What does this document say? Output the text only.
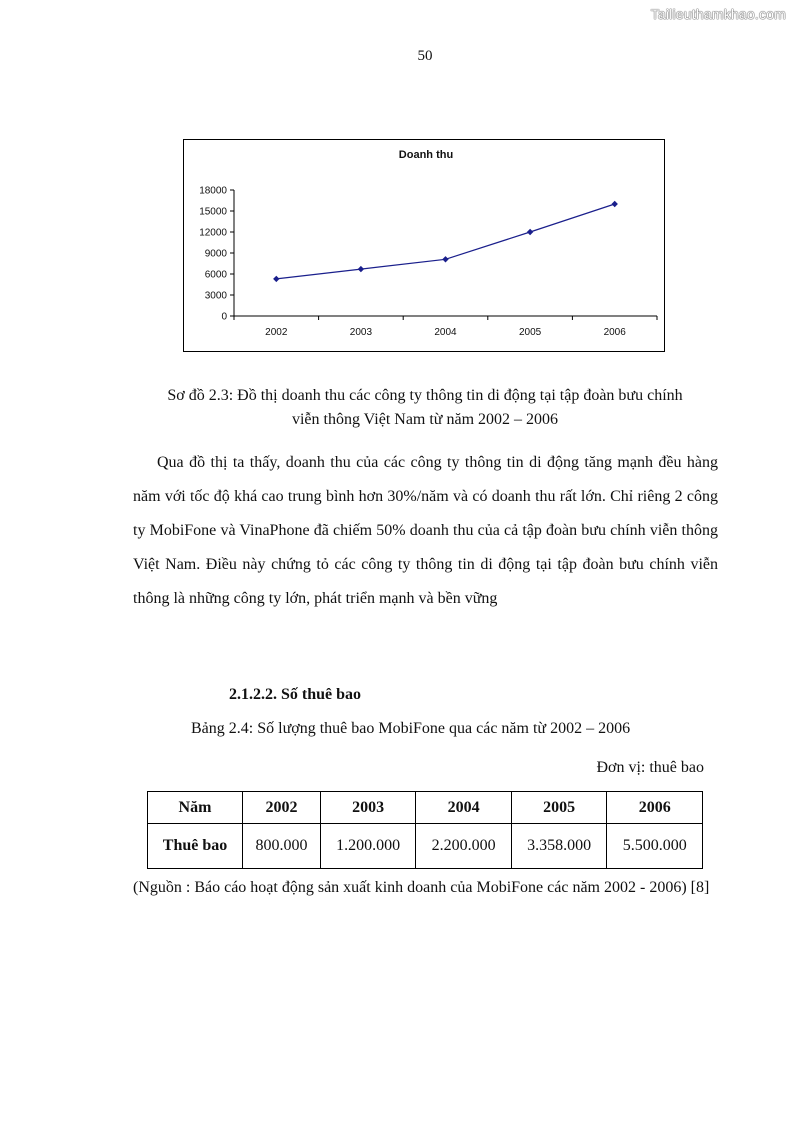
Tailieuthamkhao.com
50
Doanh thu
0
3000
6000
9000
12000
15000
18000
2002	2003	2004	2005	2006
Sơ đồ 2.3: Đồ thị doanh thu các công ty thông tin di động tại tập đoàn bưu chính
viễn thông Việt Nam từ năm 2002 – 2006
Qua đồ thị ta thấy, doanh thu của các công ty thông tin di động tăng mạnh đều hàng năm với tốc độ khá cao trung bình hơn 30%/năm và có doanh thu rất lớn. Chỉ riêng 2 công ty MobiFone và VinaPhone đã chiếm 50% doanh thu của cả tập đoàn bưu chính viễn thông Việt Nam. Điều này chứng tỏ các công ty thông tin di động tại tập đoàn bưu chính viễn thông là những công ty lớn, phát triển mạnh và bền vững
2.1.2.2. Số thuê bao
Bảng 2.4: Số lượng thuê bao MobiFone qua các năm từ 2002 – 2006
Đơn vị: thuê bao
Năm	2002	2003	2004	2005	2006
Thuê bao	800.000	1.200.000	2.200.000	3.358.000	5.500.000
(Nguồn : Báo cáo hoạt động sản xuất kinh doanh của MobiFone các năm 2002 - 2006) [8]
